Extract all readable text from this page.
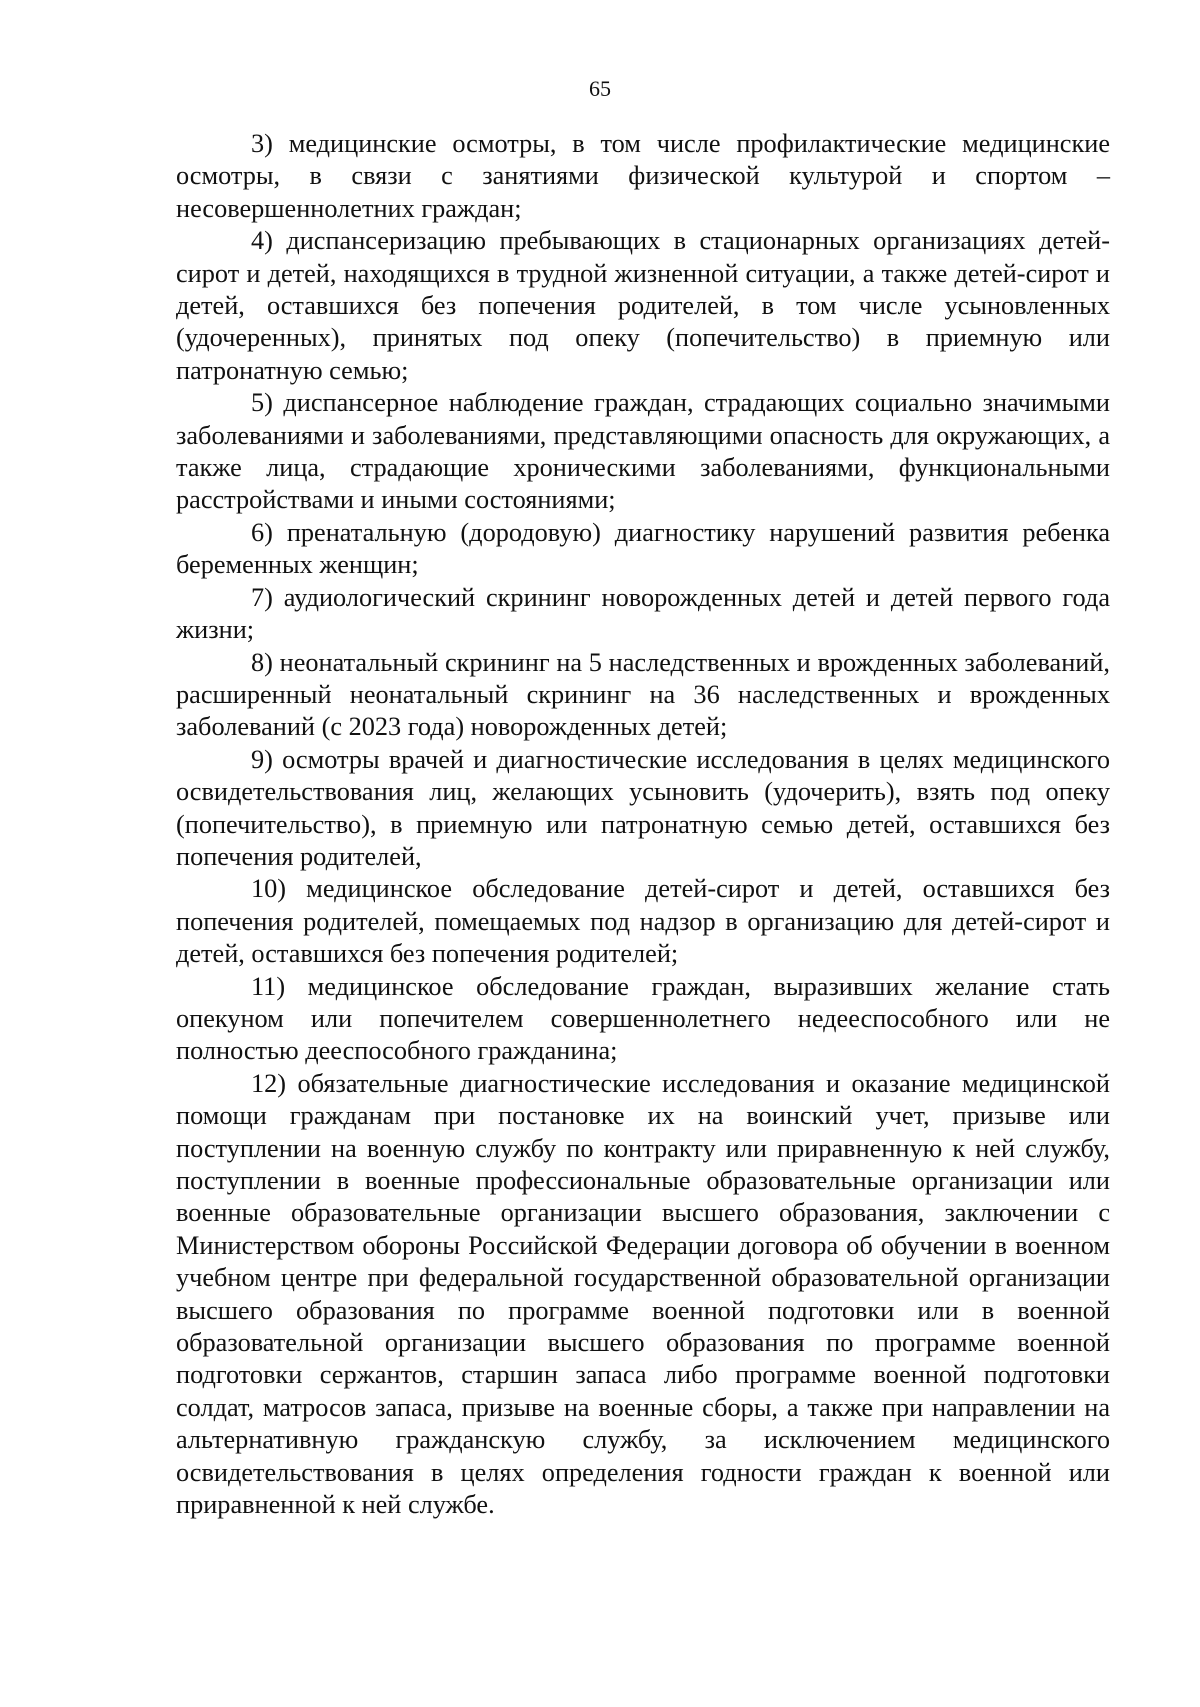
65

3) медицинские осмотры, в том числе профилактические медицинские осмотры, в связи с занятиями физической культурой и спортом – несовершеннолетних граждан;

4) диспансеризацию пребывающих в стационарных организациях детей-сирот и детей, находящихся в трудной жизненной ситуации, а также детей-сирот и детей, оставшихся без попечения родителей, в том числе усыновленных (удочеренных), принятых под опеку (попечительство) в приемную или патронатную семью;

5) диспансерное наблюдение граждан, страдающих социально значимыми заболеваниями и заболеваниями, представляющими опасность для окружающих, а также лица, страдающие хроническими заболеваниями, функциональными расстройствами и иными состояниями;

6) пренатальную (дородовую) диагностику нарушений развития ребенка беременных женщин;

7) аудиологический скрининг новорожденных детей и детей первого года жизни;

8) неонатальный скрининг на 5 наследственных и врожденных заболеваний, расширенный неонатальный скрининг на 36 наследственных и врожденных заболеваний (с 2023 года) новорожденных детей;

9) осмотры врачей и диагностические исследования в целях медицинского освидетельствования лиц, желающих усыновить (удочерить), взять под опеку (попечительство), в приемную или патронатную семью детей, оставшихся без попечения родителей,

10) медицинское обследование детей-сирот и детей, оставшихся без попечения родителей, помещаемых под надзор в организацию для детей-сирот и детей, оставшихся без попечения родителей;

11) медицинское обследование граждан, выразивших желание стать опекуном или попечителем совершеннолетнего недееспособного или не полностью дееспособного гражданина;

12) обязательные диагностические исследования и оказание медицинской помощи гражданам при постановке их на воинский учет, призыве или поступлении на военную службу по контракту или приравненную к ней службу, поступлении в военные профессиональные образовательные организации или военные образовательные организации высшего образования, заключении с Министерством обороны Российской Федерации договора об обучении в военном учебном центре при федеральной государственной образовательной организации высшего образования по программе военной подготовки или в военной образовательной организации высшего образования по программе военной подготовки сержантов, старшин запаса либо программе военной подготовки солдат, матросов запаса, призыве на военные сборы, а также при направлении на альтернативную гражданскую службу, за исключением медицинского освидетельствования в целях определения годности граждан к военной или приравненной к ней службе.
